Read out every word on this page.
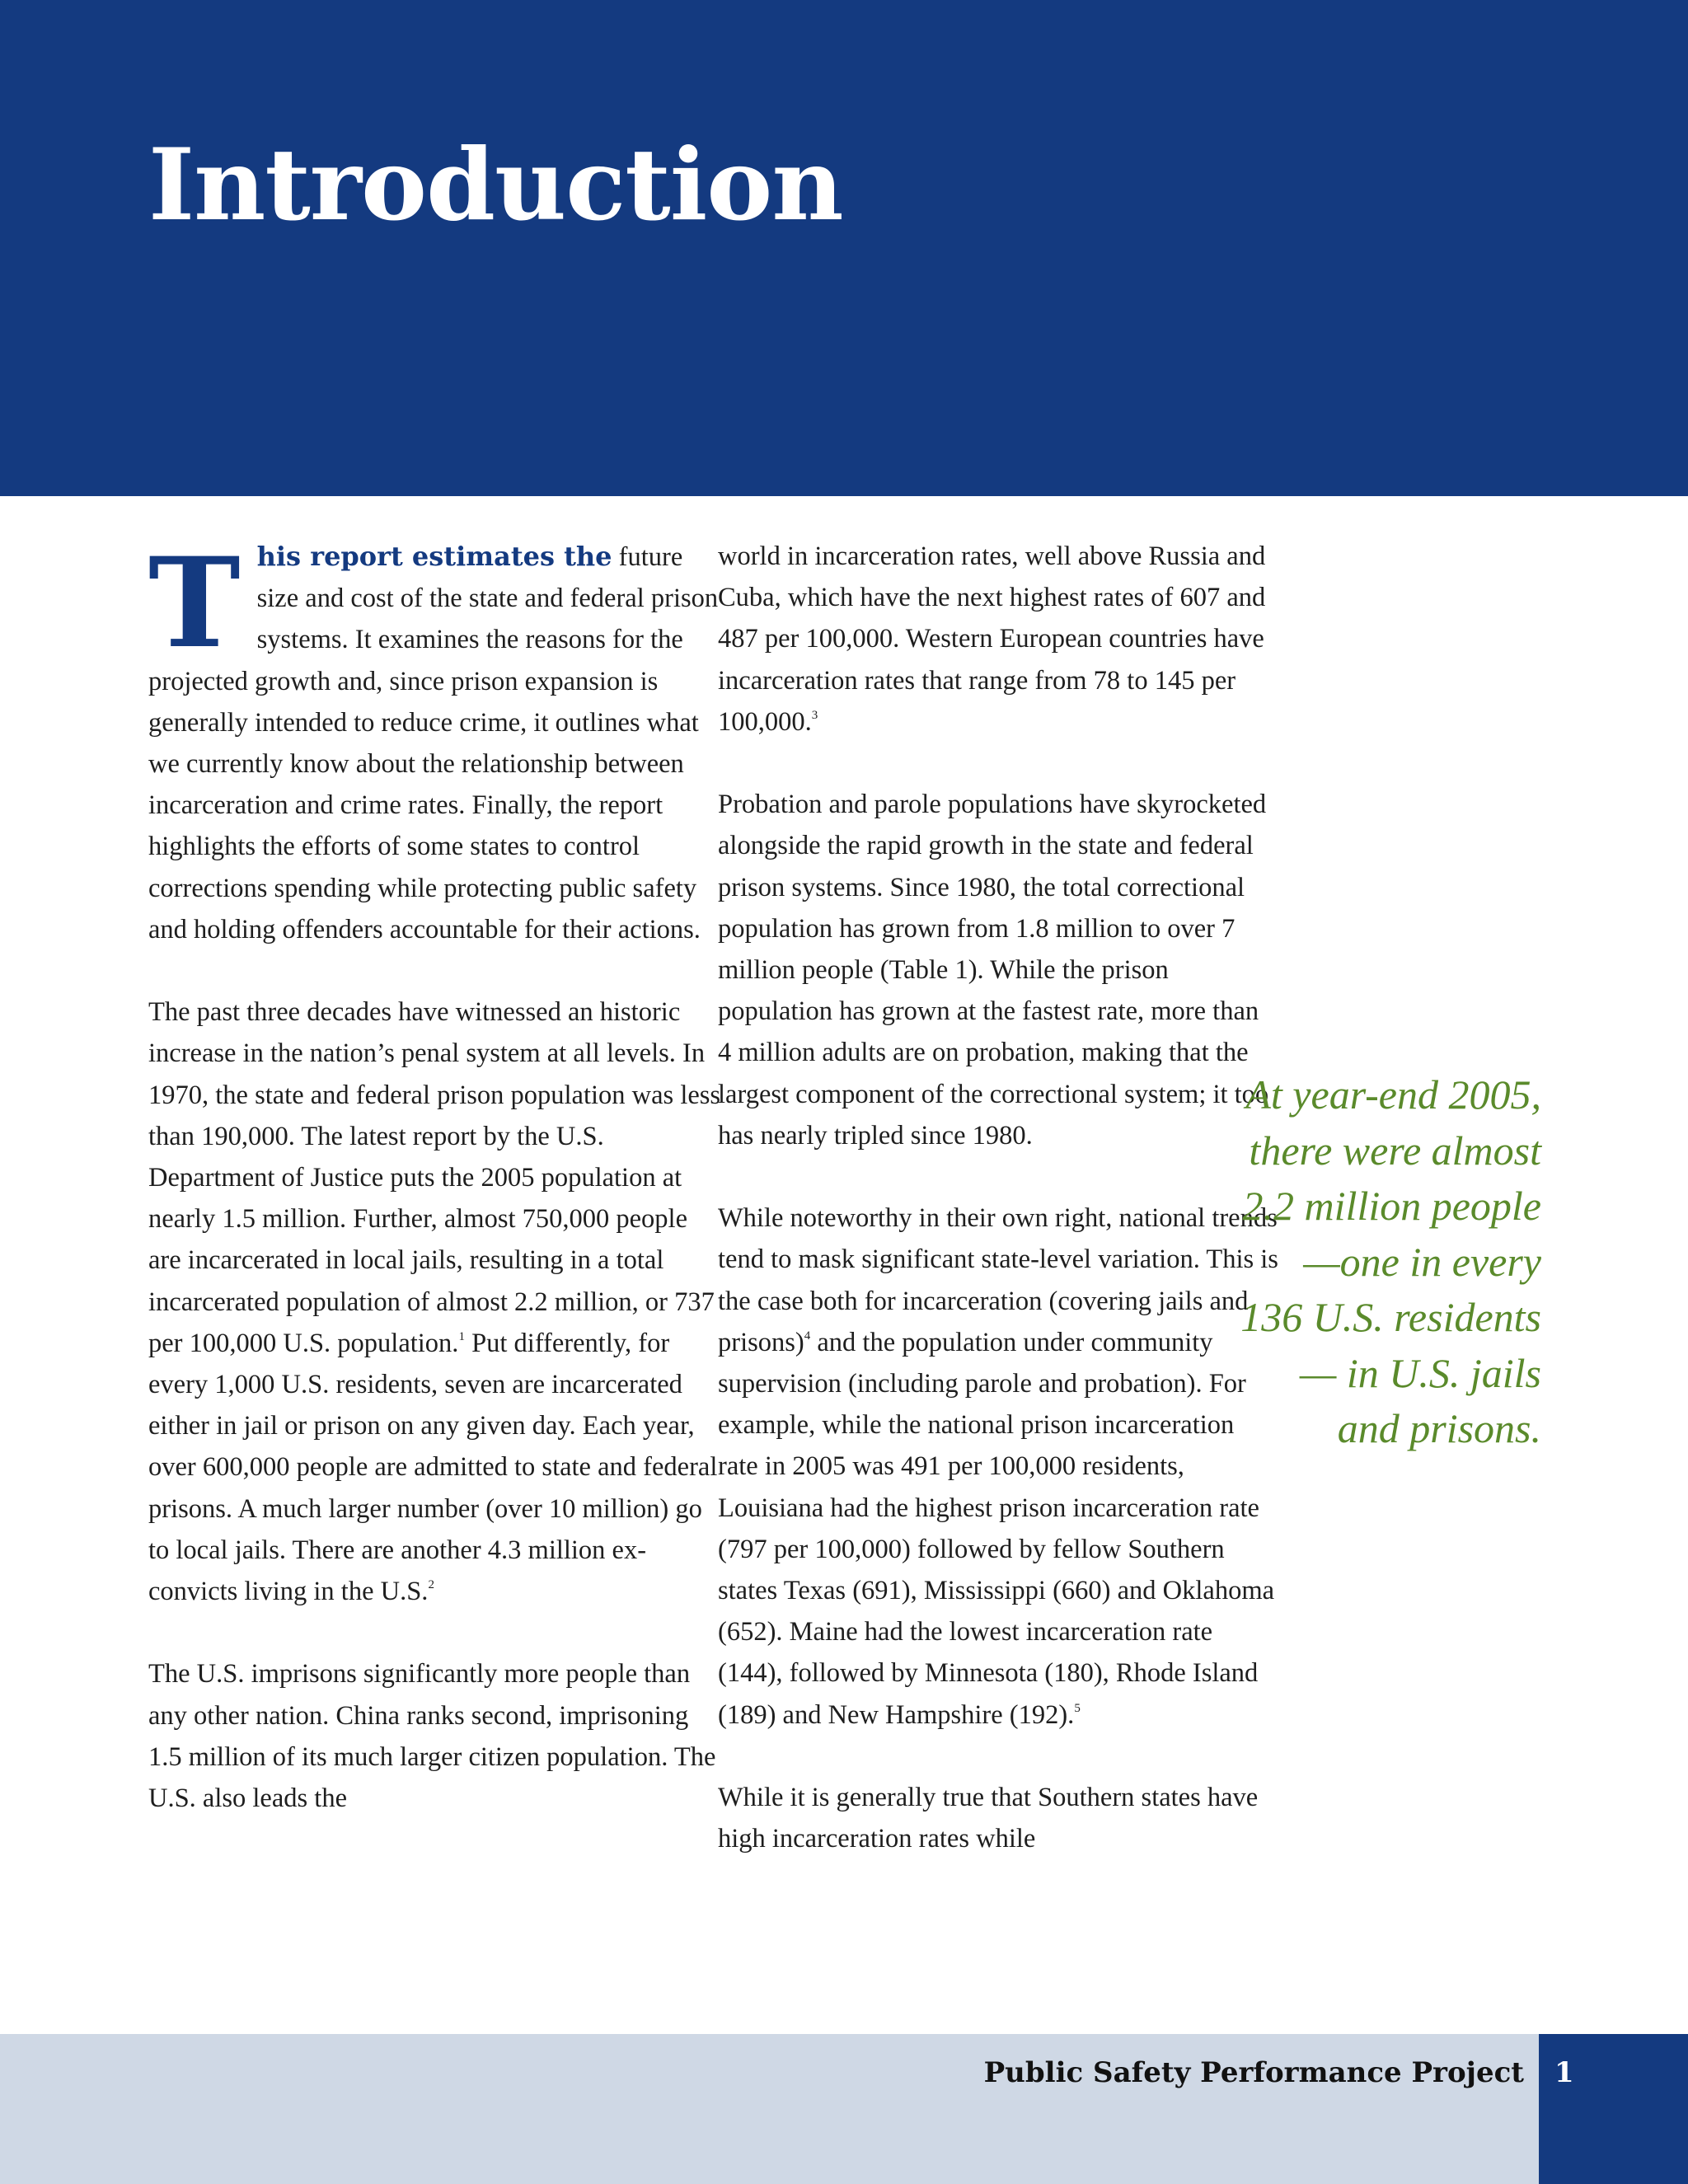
Introduction

This report estimates the future size and cost of the state and federal prison systems. It examines the reasons for the projected growth and, since prison expansion is generally intended to reduce crime, it outlines what we currently know about the relationship between incarceration and crime rates. Finally, the report highlights the efforts of some states to control corrections spending while protecting public safety and holding offenders accountable for their actions.

The past three decades have witnessed an historic increase in the nation’s penal system at all levels. In 1970, the state and federal prison population was less than 190,000. The latest report by the U.S. Department of Justice puts the 2005 population at nearly 1.5 million. Further, almost 750,000 people are incarcerated in local jails, resulting in a total incarcerated population of almost 2.2 million, or 737 per 100,000 U.S. population.$^1$ Put differently, for every 1,000 U.S. residents, seven are incarcerated either in jail or prison on any given day. Each year, over 600,000 people are admitted to state and federal prisons. A much larger number (over 10 million) go to local jails. There are another 4.3 million ex-convicts living in the U.S.$^2$

The U.S. imprisons significantly more people than any other nation. China ranks second, imprisoning 1.5 million of its much larger citizen population. The U.S. also leads the

world in incarceration rates, well above Russia and Cuba, which have the next highest rates of 607 and 487 per 100,000. Western European countries have incarceration rates that range from 78 to 145 per 100,000.$^3$

Probation and parole populations have skyrocketed alongside the rapid growth in the state and federal prison systems. Since 1980, the total correctional population has grown from 1.8 million to over 7 million people (Table 1). While the prison population has grown at the fastest rate, more than 4 million adults are on probation, making that the largest component of the correctional system; it too has nearly tripled since 1980.

While noteworthy in their own right, national trends tend to mask significant state-level variation. This is the case both for incarceration (covering jails and prisons)$^4$ and the population under community supervision (including parole and probation). For example, while the national prison incarceration rate in 2005 was 491 per 100,000 residents, Louisiana had the highest prison incarceration rate (797 per 100,000) followed by fellow Southern states Texas (691), Mississippi (660) and Oklahoma (652). Maine had the lowest incarceration rate (144), followed by Minnesota (180), Rhode Island (189) and New Hampshire (192).$^5$

While it is generally true that Southern states have high incarceration rates while

At year-end 2005, there were almost 2.2 million people—one in every 136 U.S. residents— in U.S. jails and prisons.
Public Safety Performance Project 1
